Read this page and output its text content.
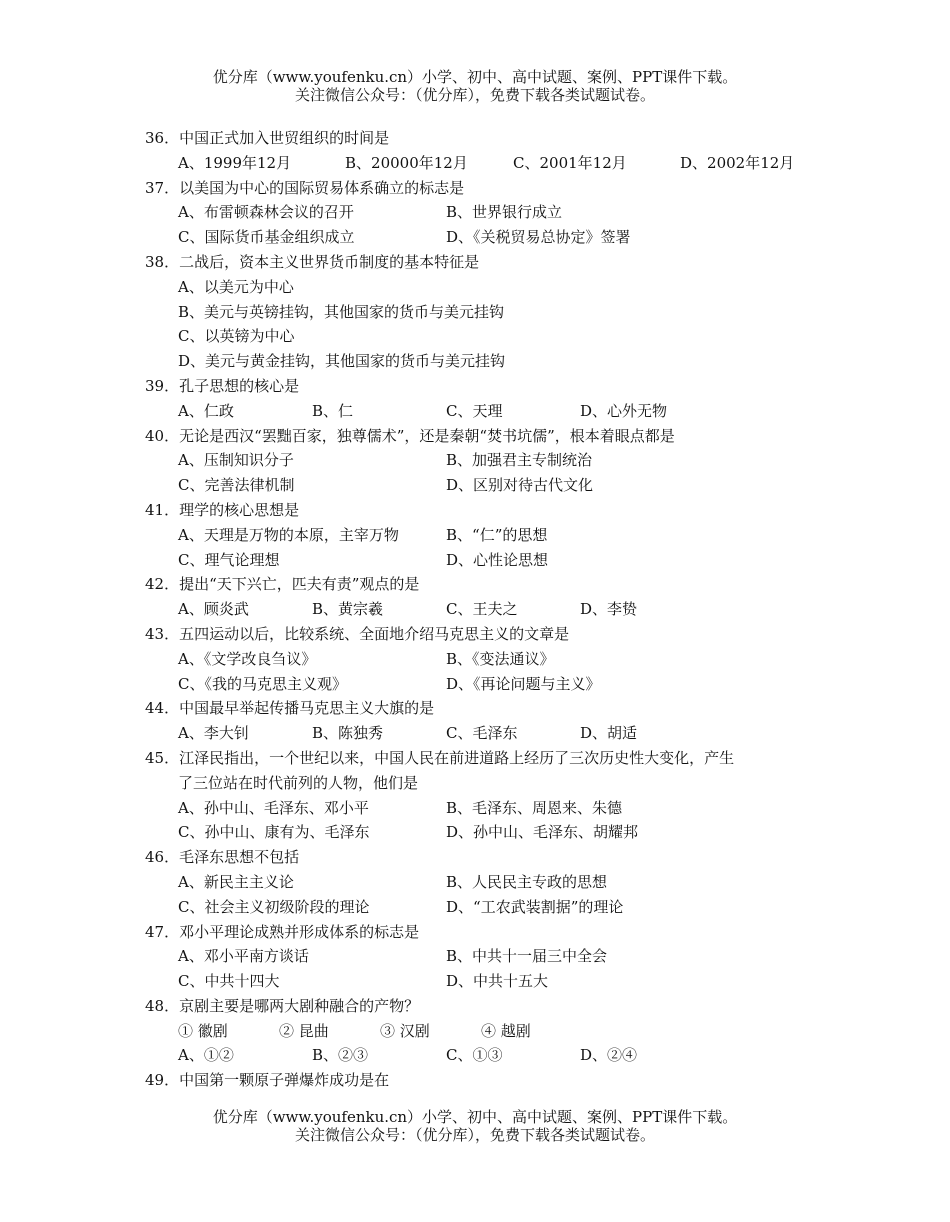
优分库（www.youfenku.cn）小学、初中、高中试题、案例、PPT课件下载。
关注微信公众号：（优分库），免费下载各类试题试卷。
36．中国正式加入世贸组织的时间是
A、1999年12月	B、20000年12月	C、2001年12月	D、2002年12月
37．以美国为中心的国际贸易体系确立的标志是
A、布雷顿森林会议的召开	B、世界银行成立
C、国际货币基金组织成立	D、《关税贸易总协定》签署
38．二战后，资本主义世界货币制度的基本特征是
A、以美元为中心
B、美元与英镑挂钩，其他国家的货币与美元挂钩
C、以英镑为中心
D、美元与黄金挂钩，其他国家的货币与美元挂钩
39．孔子思想的核心是
A、仁政	B、仁	C、天理	D、心外无物
40．无论是西汉“罢黜百家，独尊儒术”，还是秦朝“焚书坑儒”，根本着眼点都是
A、压制知识分子	B、加强君主专制统治
C、完善法律机制	D、区别对待古代文化
41．理学的核心思想是
A、天理是万物的本原，主宰万物	B、“仁”的思想
C、理气论理想	D、心性论思想
42．提出“天下兴亡，匹夫有责”观点的是
A、顾炎武	B、黄宗羲	C、王夫之	D、李贽
43．五四运动以后，比较系统、全面地介绍马克思主义的文章是
A、《文学改良刍议》	B、《变法通议》
C、《我的马克思主义观》	D、《再论问题与主义》
44．中国最早举起传播马克思主义大旗的是
A、李大钊	B、陈独秀	C、毛泽东	D、胡适
45．江泽民指出，一个世纪以来，中国人民在前进道路上经历了三次历史性大变化，产生
了三位站在时代前列的人物，他们是
A、孙中山、毛泽东、邓小平	B、毛泽东、周恩来、朱德
C、孙中山、康有为、毛泽东	D、孙中山、毛泽东、胡耀邦
46．毛泽东思想不包括
A、新民主主义论	B、人民民主专政的思想
C、社会主义初级阶段的理论	D、“工农武装割据”的理论
47．邓小平理论成熟并形成体系的标志是
A、邓小平南方谈话	B、中共十一届三中全会
C、中共十四大	D、中共十五大
48．京剧主要是哪两大剧种融合的产物？
① 徽剧	② 昆曲	③ 汉剧	④ 越剧
A、①②	B、②③	C、①③	D、②④
49．中国第一颗原子弹爆炸成功是在
优分库（www.youfenku.cn）小学、初中、高中试题、案例、PPT课件下载。
关注微信公众号：（优分库），免费下载各类试题试卷。
